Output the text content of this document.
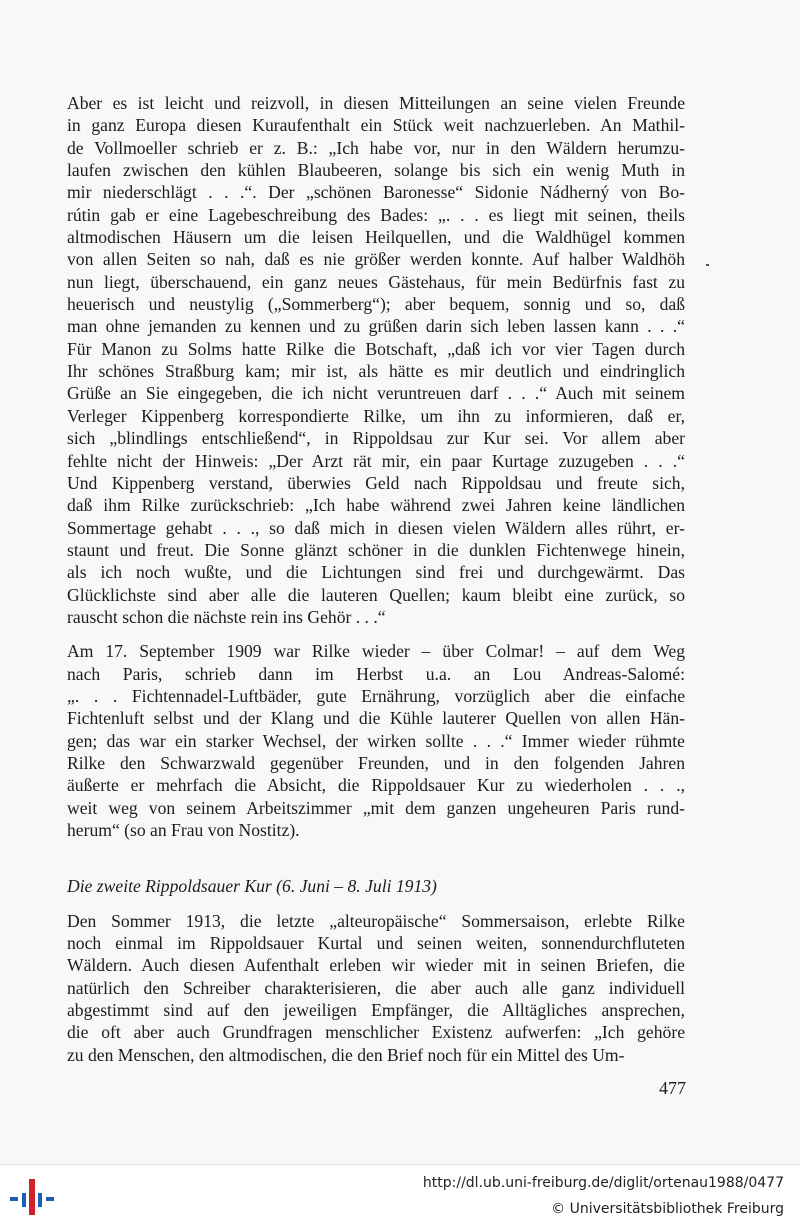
Aber es ist leicht und reizvoll, in diesen Mitteilungen an seine vielen Freunde
in ganz Europa diesen Kuraufenthalt ein Stück weit nachzuerleben. An Mathil-
de Vollmoeller schrieb er z. B.: „Ich habe vor, nur in den Wäldern herumzu-
laufen zwischen den kühlen Blaubeeren, solange bis sich ein wenig Muth in
mir niederschlägt . . .“. Der „schönen Baronesse“ Sidonie Nádherný von Bo-
rútin gab er eine Lagebeschreibung des Bades: „. . . es liegt mit seinen, theils
altmodischen Häusern um die leisen Heilquellen, und die Waldhügel kommen
von allen Seiten so nah, daß es nie größer werden konnte. Auf halber Waldhöh
nun liegt, überschauend, ein ganz neues Gästehaus, für mein Bedürfnis fast zu
heuerisch und neustylig („Sommerberg“); aber bequem, sonnig und so, daß
man ohne jemanden zu kennen und zu grüßen darin sich leben lassen kann . . .“
Für Manon zu Solms hatte Rilke die Botschaft, „daß ich vor vier Tagen durch
Ihr schönes Straßburg kam; mir ist, als hätte es mir deutlich und eindringlich
Grüße an Sie eingegeben, die ich nicht veruntreuen darf . . .“ Auch mit seinem
Verleger Kippenberg korrespondierte Rilke, um ihn zu informieren, daß er,
sich „blindlings entschließend“, in Rippoldsau zur Kur sei. Vor allem aber
fehlte nicht der Hinweis: „Der Arzt rät mir, ein paar Kurtage zuzugeben . . .“
Und Kippenberg verstand, überwies Geld nach Rippoldsau und freute sich,
daß ihm Rilke zurückschrieb: „Ich habe während zwei Jahren keine ländlichen
Sommertage gehabt . . ., so daß mich in diesen vielen Wäldern alles rührt, er-
staunt und freut. Die Sonne glänzt schöner in die dunklen Fichtenwege hinein,
als ich noch wußte, und die Lichtungen sind frei und durchgewärmt. Das
Glücklichste sind aber alle die lauteren Quellen; kaum bleibt eine zurück, so
rauscht schon die nächste rein ins Gehör . . .“

Am 17. September 1909 war Rilke wieder – über Colmar! – auf dem Weg
nach Paris, schrieb dann im Herbst u.a. an Lou Andreas-Salomé:
„. . . Fichtennadel-Luftbäder, gute Ernährung, vorzüglich aber die einfache
Fichtenluft selbst und der Klang und die Kühle lauterer Quellen von allen Hän-
gen; das war ein starker Wechsel, der wirken sollte . . .“ Immer wieder rühmte
Rilke den Schwarzwald gegenüber Freunden, und in den folgenden Jahren
äußerte er mehrfach die Absicht, die Rippoldsauer Kur zu wiederholen . . .,
weit weg von seinem Arbeitszimmer „mit dem ganzen ungeheuren Paris rund-
herum“ (so an Frau von Nostitz).

Die zweite Rippoldsauer Kur (6. Juni – 8. Juli 1913)

Den Sommer 1913, die letzte „alteuropäische“ Sommersaison, erlebte Rilke
noch einmal im Rippoldsauer Kurtal und seinen weiten, sonnendurchfluteten
Wäldern. Auch diesen Aufenthalt erleben wir wieder mit in seinen Briefen, die
natürlich den Schreiber charakterisieren, die aber auch alle ganz individuell
abgestimmt sind auf den jeweiligen Empfänger, die Alltägliches ansprechen,
die oft aber auch Grundfragen menschlicher Existenz aufwerfen: „Ich gehöre
zu den Menschen, den altmodischen, die den Brief noch für ein Mittel des Um-

477
http://dl.ub.uni-freiburg.de/diglit/ortenau1988/0477
© Universitätsbibliothek Freiburg
